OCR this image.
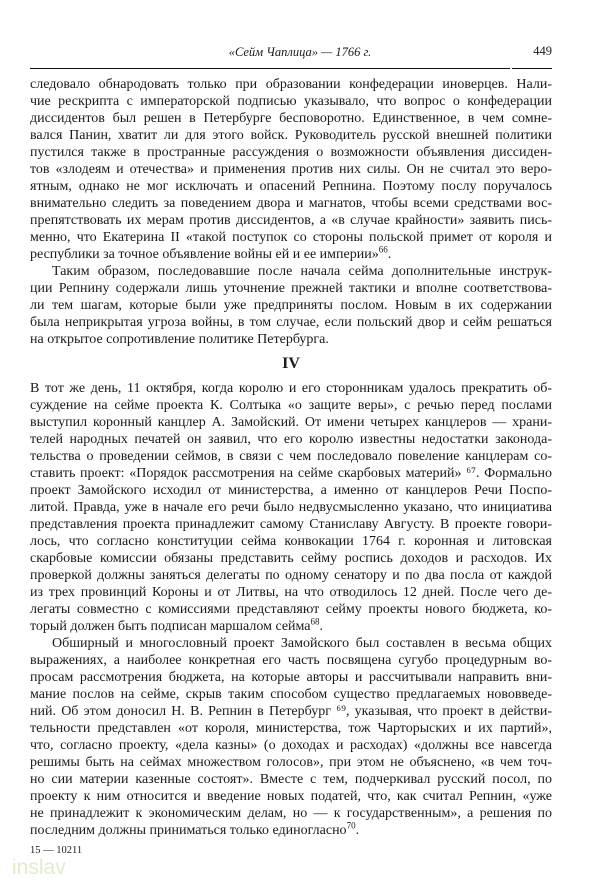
«Сейм Чаплица» — 1766 г.	449
следовало обнародовать только при образовании конфедерации иноверцев. Нали-
чие рескрипта с императорской подписью указывало, что вопрос о конфедерации
диссидентов был решен в Петербурге бесповоротно. Единственное, в чем сомне-
вался Панин, хватит ли для этого войск. Руководитель русской внешней политики
пустился также в пространные рассуждения о возможности объявления диссиден-
тов «злодеям и отечества» и применения против них силы. Он не считал это веро-
ятным, однако не мог исключать и опасений Репнина. Поэтому послу поручалось
внимательно следить за поведением двора и магнатов, чтобы всеми средствами вос-
препятствовать их мерам против диссидентов, а «в случае крайности» заявить пись-
менно, что Екатерина II «такой поступок со стороны польской примет от короля и
республики за точное объявление войны ей и ее империи»$^{66}$.
Таким образом, последовавшие после начала сейма дополнительные инструк-
ции Репнину содержали лишь уточнение прежней тактики и вполне соответствова-
ли тем шагам, которые были уже предприняты послом. Новым в их содержании
была неприкрытая угроза войны, в том случае, если польский двор и сейм решаться
на открытое сопротивление политике Петербурга.
IV
В тот же день, 11 октября, когда королю и его сторонникам удалось прекратить об-
суждение на сейме проекта К. Солтыка «о защите веры», с речью перед послами
выступил коронный канцлер А. Замойский. От имени четырех канцлеров — храни-
телей народных печатей он заявил, что его королю известны недостатки законода-
тельства о проведении сеймов, в связи с чем последовало повеление канцлерам со-
ставить проект: «Порядок рассмотрения на сейме скарбовых материй» ⁶⁷. Формально
проект Замойского исходил от министерства, а именно от канцлеров Речи Поспо-
литой. Правда, уже в начале его речи было недвусмысленно указано, что инициатива
представления проекта принадлежит самому Станиславу Августу. В проекте говори-
лось, что согласно конституции сейма конвокации 1764 г. коронная и литовская
скарбовые комиссии обязаны представить сейму роспись доходов и расходов. Их
проверкой должны заняться делегаты по одному сенатору и по два посла от каждой
из трех провинций Короны и от Литвы, на что отводилось 12 дней. После чего де-
легаты совместно с комиссиями представляют сейму проекты нового бюджета, ко-
торый должен быть подписан маршалом сейма$^{68}$.
Обширный и многословный проект Замойского был составлен в весьма общих
выражениях, а наиболее конкретная его часть посвящена сугубо процедурным во-
просам рассмотрения бюджета, на которые авторы и рассчитывали направить вни-
мание послов на сейме, скрыв таким способом существо предлагаемых нововведе-
ний. Об этом доносил Н. В. Репнин в Петербург ⁶⁹, указывая, что проект в действи-
тельности представлен «от короля, министерства, тож Чарторыских и их партий»,
что, согласно проекту, «дела казны» (о доходах и расходах) «должны все навсегда
решимы быть на сеймах множеством голосов», при этом не объяснено, «в чем точ-
но сии материи казенные состоят». Вместе с тем, подчеркивал русский посол, по
проекту к ним относится и введение новых податей, что, как считал Репнин, «уже
не принадлежит к экономическим делам, но — к государственным», а решения по
последним должны приниматься только единогласно$^{70}$.
15 — 10211
inslav
